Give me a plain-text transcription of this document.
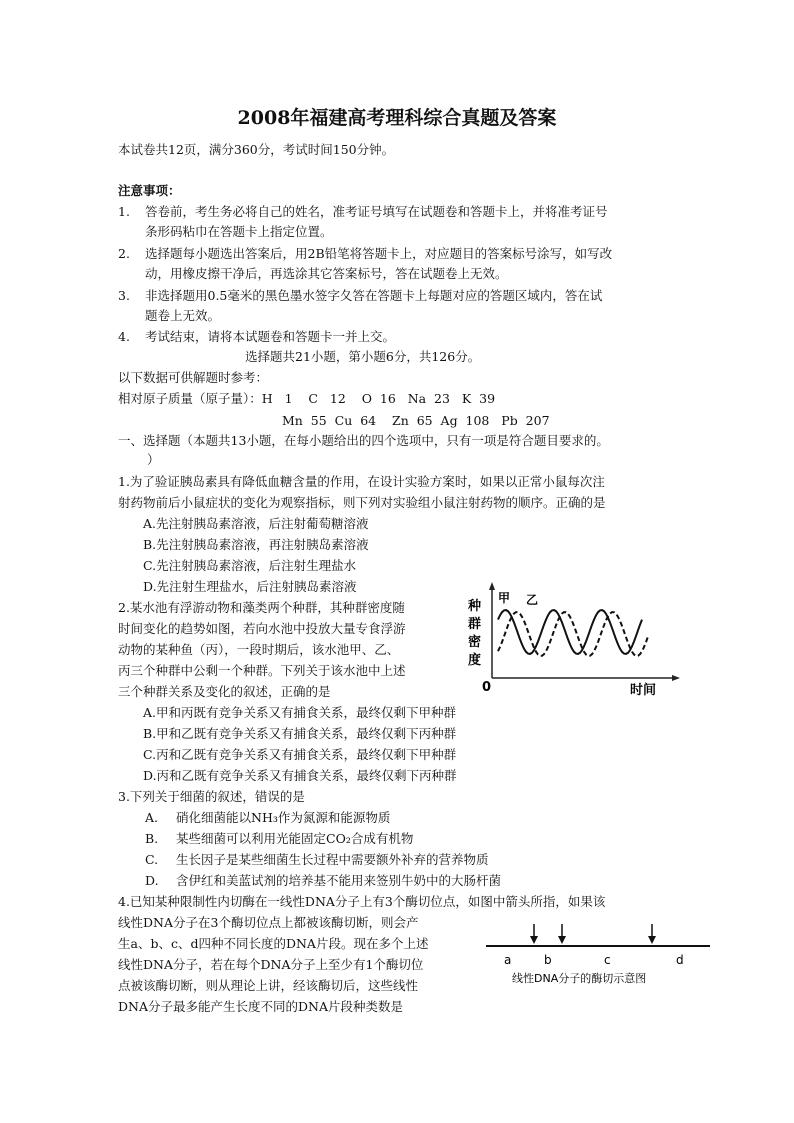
2008年福建高考理科综合真题及答案
本试卷共12页，满分360分，考试时间150分钟。
注意事项：
1. 答卷前，考生务必将自己的姓名，准考证号填写在试题卷和答题卡上，并将准考证号
条形码粘巾在答题卡上指定位置。
2. 选择题每小题选出答案后，用2B铅笔将答题卡上，对应题目的答案标号涂写，如写改
动，用橡皮擦干净后，再选涂其它答案标号，答在试题卷上无效。
3. 非选择题用0.5毫米的黑色墨水签字夂答在答题卡上每题对应的答题区域内，答在试
题卷上无效。
4. 考试结束，请将本试题卷和答题卡一并上交。
选择题共21小题，第小题6分，共126分。
以下数据可供解题时参考：
相对原子质量（原子量）：H   1    C   12    O  16   Na  23   K  39
Mn  55  Cu  64    Zn  65  Ag  108   Pb  207
一、选择题（本题共13小题，在每小题给出的四个选项中，只有一项是符合题目要求的。
）
1.为了验证胰岛素具有降低血糖含量的作用，在设计实验方案时，如果以正常小鼠每次注
射药物前后小鼠症状的变化为观察指标，则下列对实验组小鼠注射药物的顺序。正确的是
A.先注射胰岛素溶液，后注射葡萄糖溶液
B.先注射胰岛素溶液，再注射胰岛素溶液
C.先注射胰岛素溶液，后注射生理盐水
D.先注射生理盐水，后注射胰岛素溶液
2.某水池有浮游动物和藻类两个种群，其种群密度随
时间变化的趋势如图，若向水池中投放大量专食浮游
动物的某种鱼（丙），一段时期后，该水池甲、乙、
丙三个种群中公剩一个种群。下列关于该水池中上述
三个种群关系及变化的叙述，正确的是
A.甲和丙既有竞争关系又有捕食关系，最终仅剩下甲种群
B.甲和乙既有竞争关系又有捕食关系，最终仅剩下丙种群
C.丙和乙既有竞争关系又有捕食关系，最终仅剩下甲种群
D.丙和乙既有竞争关系又有捕食关系，最终仅剩下丙种群
种
群
密
度
0	时间
甲 乙
3.下列关于细菌的叙述，错误的是
A. 硝化细菌能以NH₃作为氮源和能源物质
B. 某些细菌可以利用光能固定CO₂合成有机物
C. 生长因子是某些细菌生长过程中需要额外补弃的营养物质
D. 含伊红和美蓝试剂的培养基不能用来签别牛奶中的大肠杆菌
4.已知某种限制性内切酶在一线性DNA分子上有3个酶切位点，如图中箭头所指，如果该
线性DNA分子在3个酶切位点上都被该酶切断，则会产
生a、b、c、d四种不同长度的DNA片段。现在多个上述
线性DNA分子，若在每个DNA分子上至少有1个酶切位
点被该酶切断，则从理论上讲，经该酶切后，这些线性
DNA分子最多能产生长度不同的DNA片段种类数是
a	b	c	d
线性DNA分子的酶切示意图
